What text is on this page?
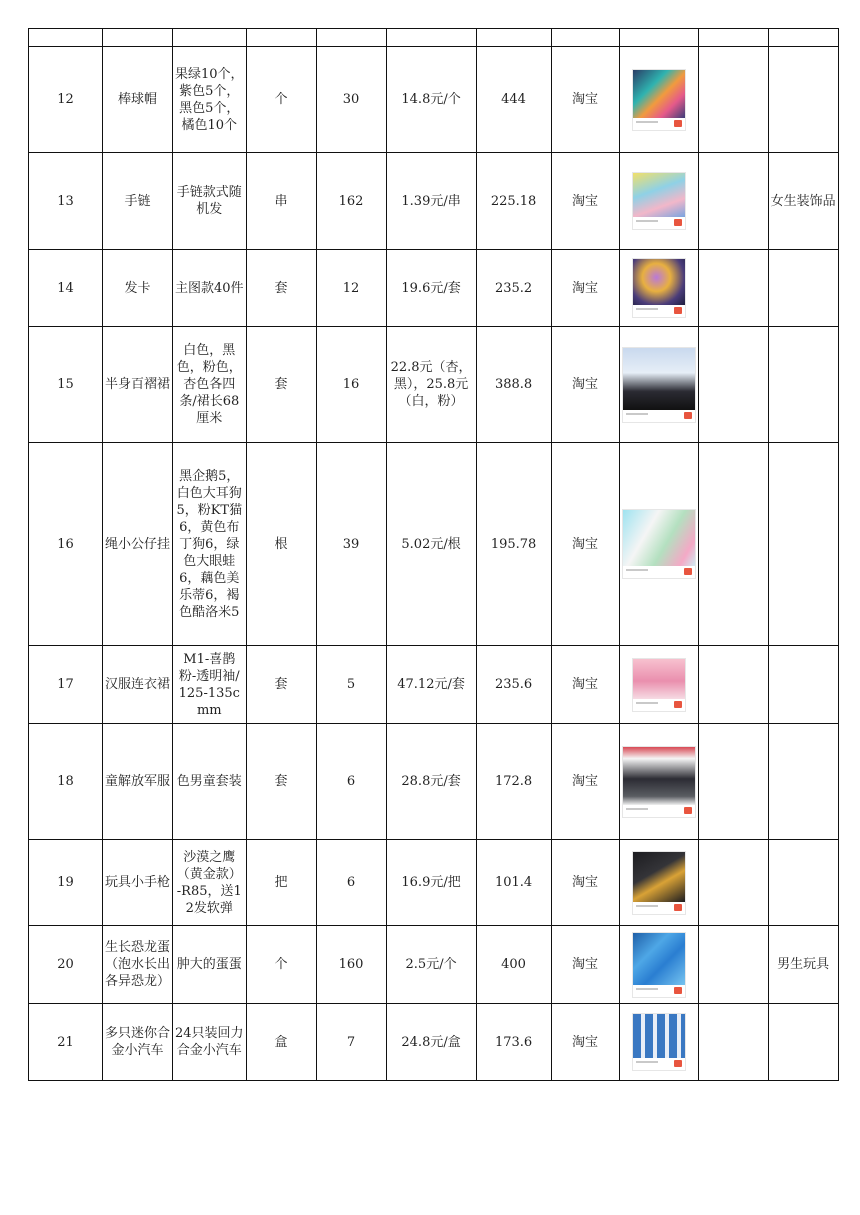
12	棒球帽	果绿10个，紫色5个，黑色5个，橘色10个	个	30	14.8元/个	444	淘宝	

13	手链	手链款式随机发	串	162	1.39元/串	225.18	淘宝			女生装饰品
14	发卡	主图款40件	套	12	19.6元/套	235.2	淘宝	

15	半身百褶裙	白色，黑色，粉色，杏色各四条/裙长68厘米	套	16	22.8元（杏，黑），25.8元（白，粉）	388.8	淘宝	

16	绳小公仔挂	黑企鹅5，白色大耳狗5，粉KT猫6，黄色布丁狗6，绿色大眼蛙6，藕色美乐蒂6，褐色酷洛米5	根	39	5.02元/根	195.78	淘宝	

17	汉服连衣裙	M1-喜鹊粉-透明袖/125-135cmm	套	5	47.12元/套	235.6	淘宝	

18	童解放军服	色男童套装	套	6	28.8元/套	172.8	淘宝	

19	玩具小手枪	沙漠之鹰（黄金款）-R85，送12发软弹	把	6	16.9元/把	101.4	淘宝	

20	生长恐龙蛋（泡水长出各异恐龙）	肿大的蛋蛋	个	160	2.5元/个	400	淘宝			男生玩具
21	多只迷你合金小汽车	24只装回力合金小汽车	盒	7	24.8元/盒	173.6	淘宝	
